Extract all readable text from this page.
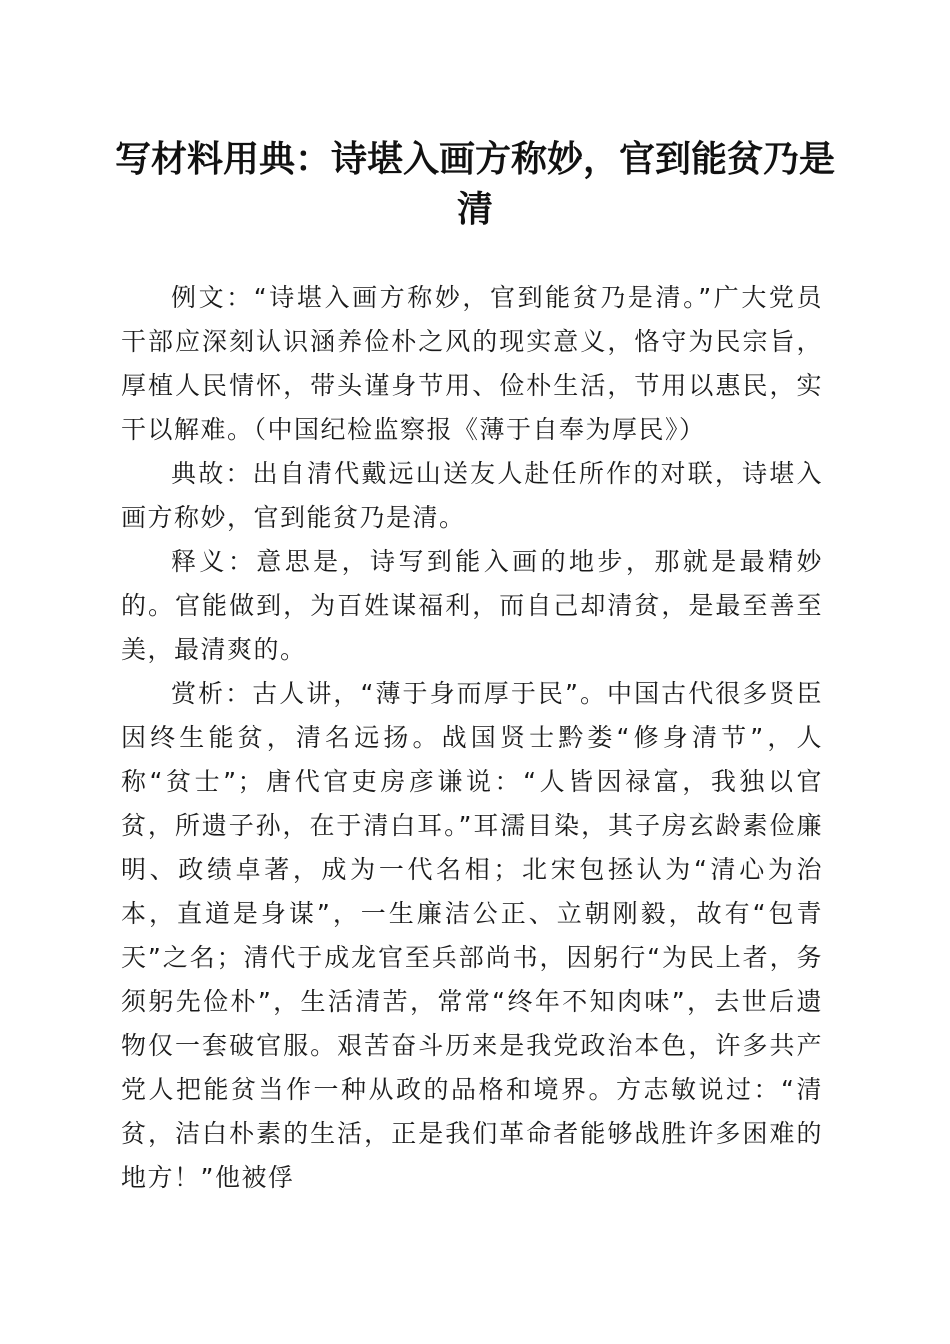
写材料用典：诗堪入画方称妙，官到能贫乃是清

例文：“诗堪入画方称妙，官到能贫乃是清。”广大党员干部应深刻认识涵养俭朴之风的现实意义，恪守为民宗旨，厚植人民情怀，带头谨身节用、俭朴生活，节用以惠民，实干以解难。（中国纪检监察报《薄于自奉为厚民》）

典故：出自清代戴远山送友人赴任所作的对联，诗堪入画方称妙，官到能贫乃是清。

释义：意思是，诗写到能入画的地步，那就是最精妙的。官能做到，为百姓谋福利，而自己却清贫，是最至善至美，最清爽的。

赏析：古人讲，“薄于身而厚于民”。中国古代很多贤臣因终生能贫，清名远扬。战国贤士黔娄“修身清节”，人称“贫士”；唐代官吏房彦谦说：“人皆因禄富，我独以官贫，所遗子孙，在于清白耳。”耳濡目染，其子房玄龄素俭廉明、政绩卓著，成为一代名相；北宋包拯认为“清心为治本，直道是身谋”，一生廉洁公正、立朝刚毅，故有“包青天”之名；清代于成龙官至兵部尚书，因躬行“为民上者，务须躬先俭朴”，生活清苦，常常“终年不知肉味”，去世后遗物仅一套破官服。艰苦奋斗历来是我党政治本色，许多共产党人把能贫当作一种从政的品格和境界。方志敏说过：“清贫，洁白朴素的生活，正是我们革命者能够战胜许多困难的地方！”他被俘
